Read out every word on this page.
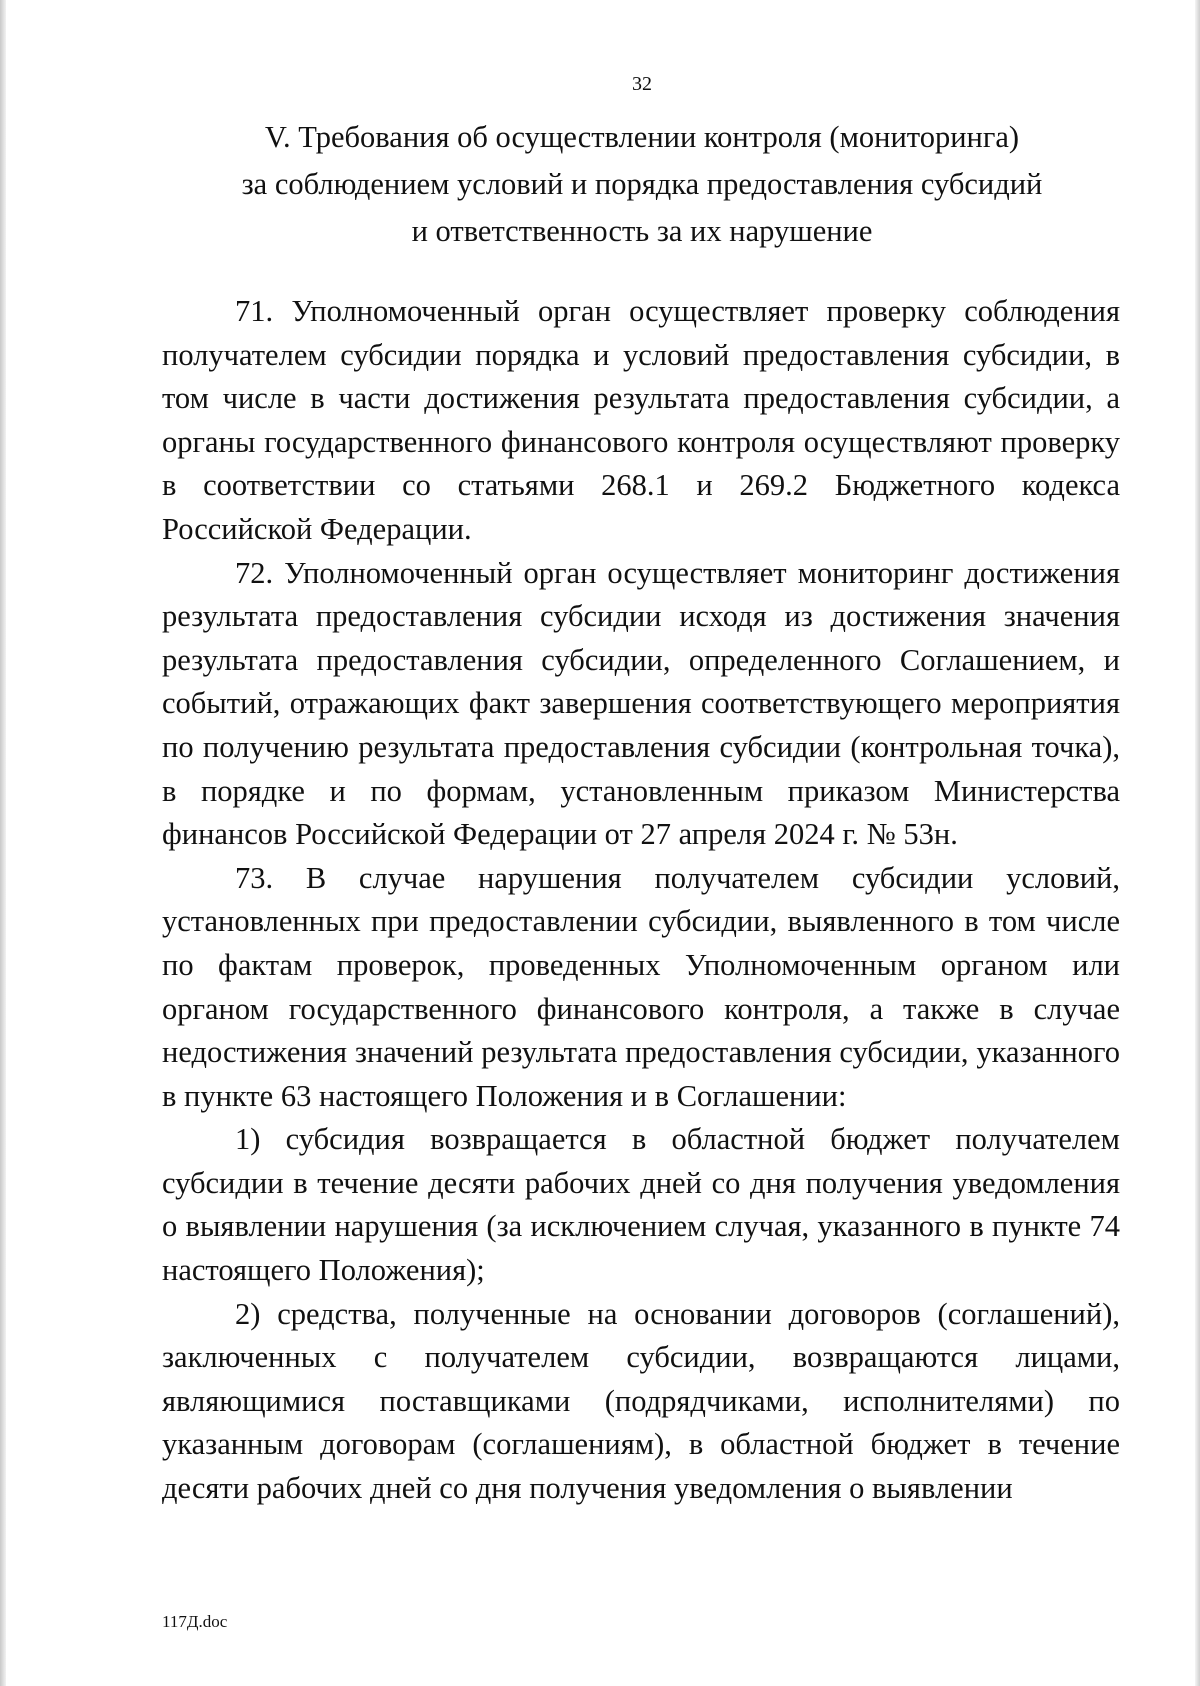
32
V. Требования об осуществлении контроля (мониторинга)
за соблюдением условий и порядка предоставления субсидий
и ответственность за их нарушение

71. Уполномоченный орган осуществляет проверку соблюдения получателем субсидии порядка и условий предоставления субсидии, в том числе в части достижения результата предоставления субсидии, а органы государственного финансового контроля осуществляют проверку в соответствии со статьями 268.1 и 269.2 Бюджетного кодекса Российской Федерации.

72. Уполномоченный орган осуществляет мониторинг достижения результата предоставления субсидии исходя из достижения значения результата предоставления субсидии, определенного Соглашением, и событий, отражающих факт завершения соответствующего мероприятия по получению результата предоставления субсидии (контрольная точка), в порядке и по формам, установленным приказом Министерства финансов Российской Федерации от 27 апреля 2024 г. № 53н.

73. В случае нарушения получателем субсидии условий, установленных при предоставлении субсидии, выявленного в том числе по фактам проверок, проведенных Уполномоченным органом или органом государственного финансового контроля, а также в случае недостижения значений результата предоставления субсидии, указанного в пункте 63 настоящего Положения и в Соглашении:

1) субсидия возвращается в областной бюджет получателем субсидии в течение десяти рабочих дней со дня получения уведомления о выявлении нарушения (за исключением случая, указанного в пункте 74 настоящего Положения);

2) средства, полученные на основании договоров (соглашений), заключенных с получателем субсидии, возвращаются лицами, являющимися поставщиками (подрядчиками, исполнителями) по указанным договорам (соглашениям), в областной бюджет в течение десяти рабочих дней со дня получения уведомления о выявлении

117Д.doc
